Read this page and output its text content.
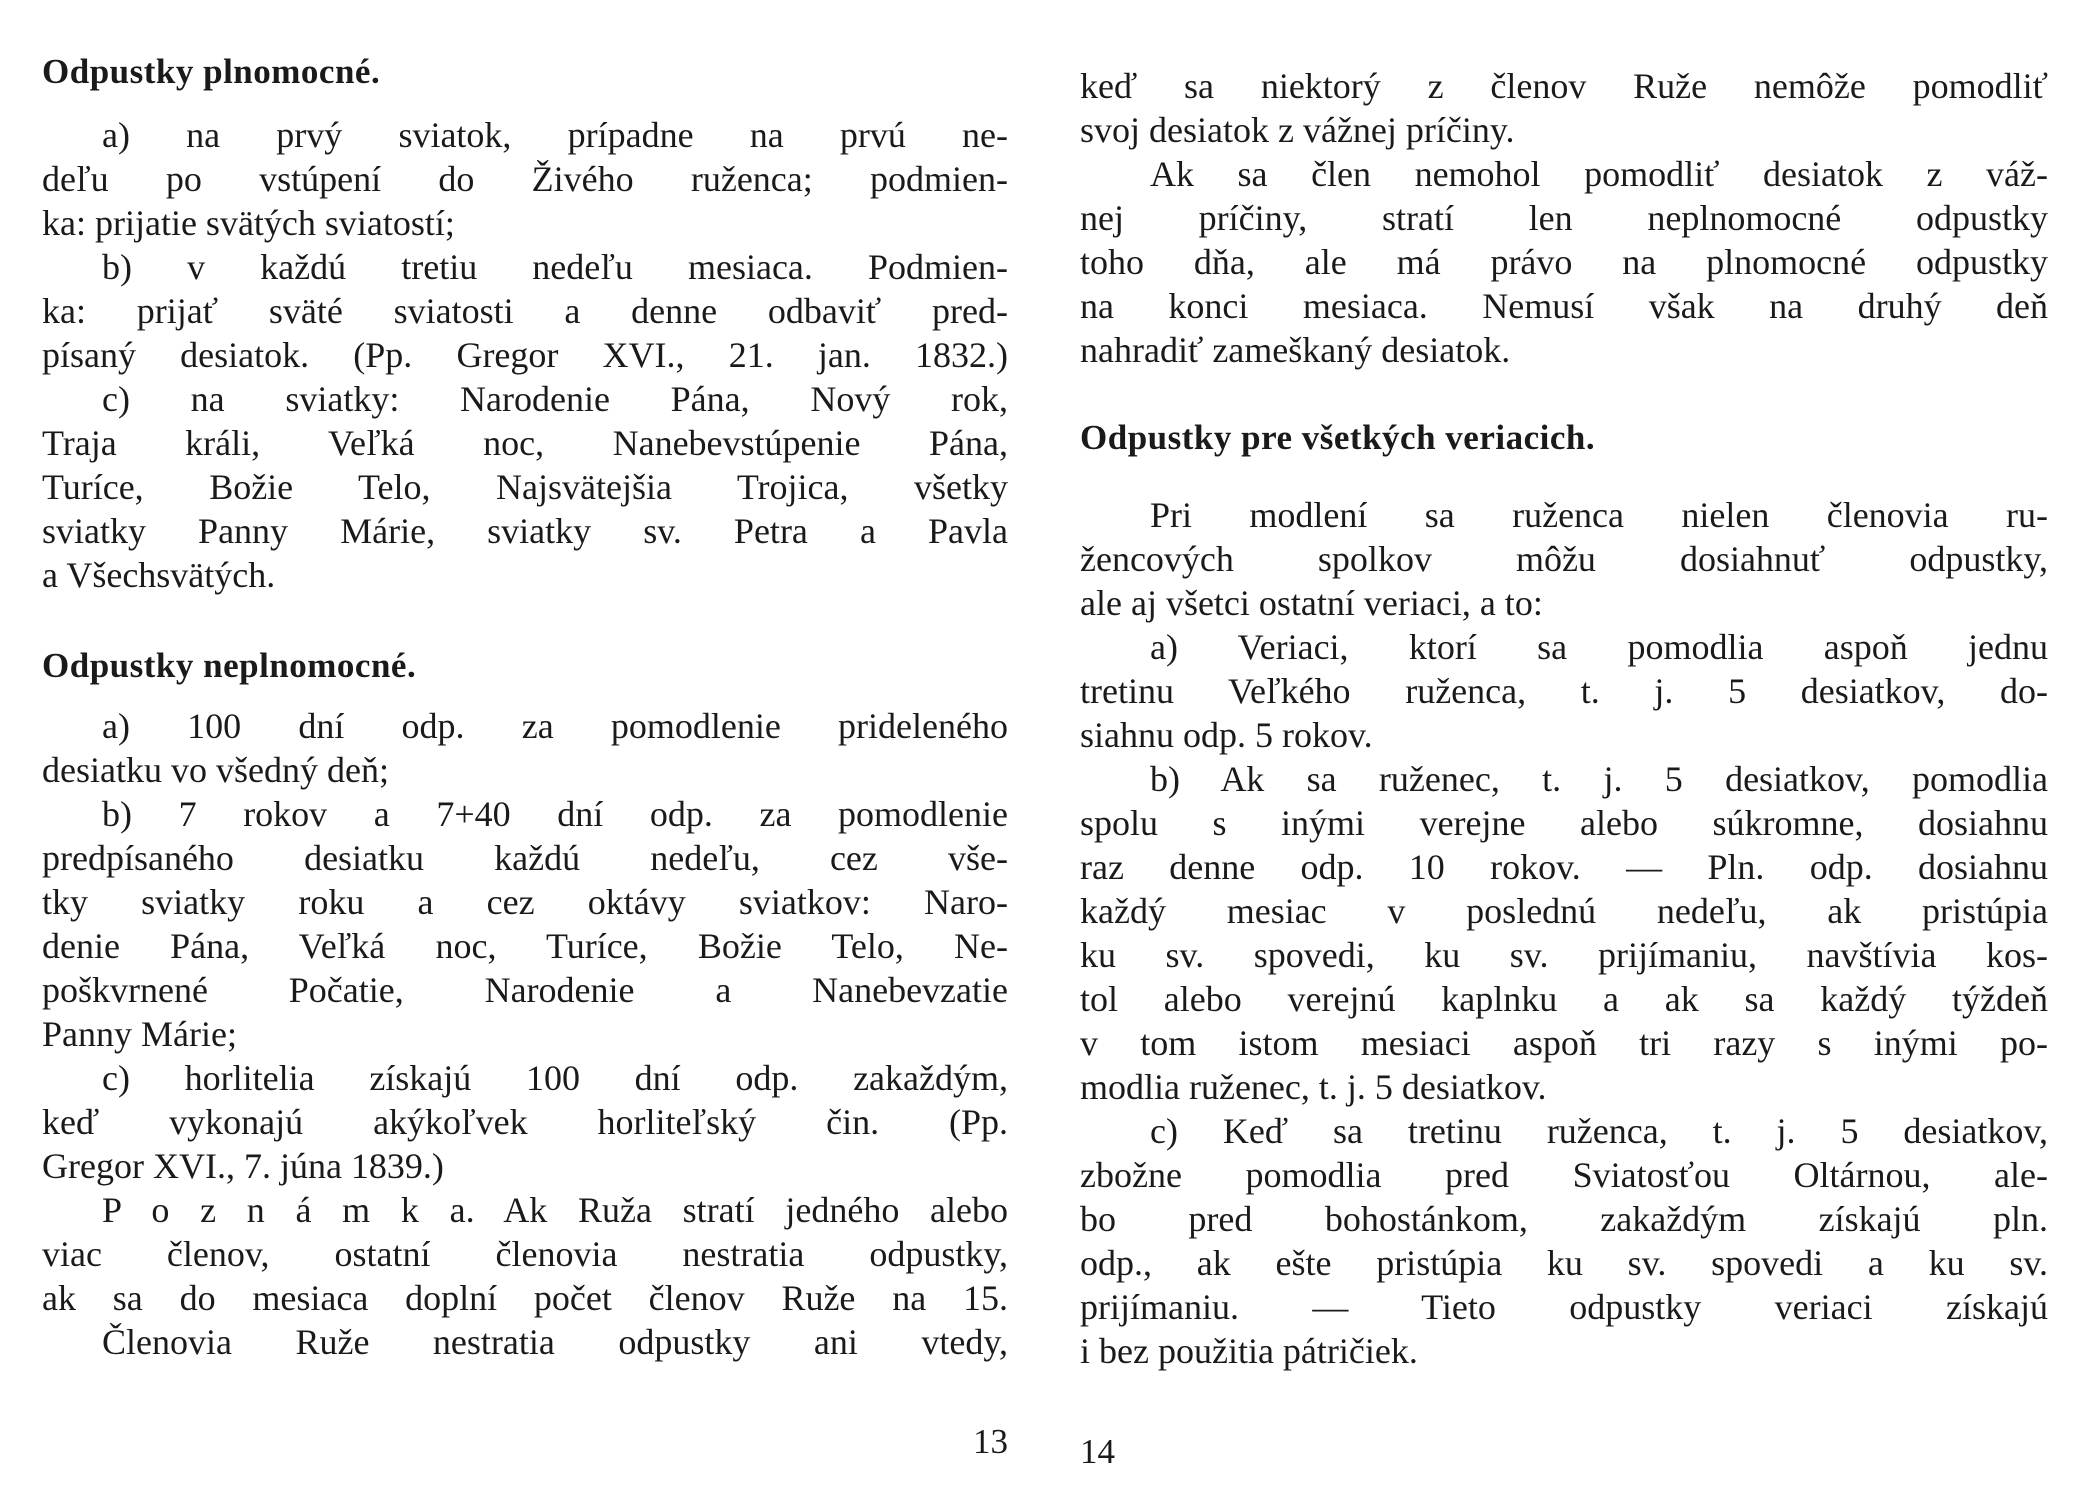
Odpustky plnomocné.
a) na prvý sviatok, prípadne na prvú ne-
deľu po vstúpení do Živého ruženca; podmien-
ka: prijatie svätých sviatostí;
b) v každú tretiu nedeľu mesiaca. Podmien-
ka: prijať sväté sviatosti a denne odbaviť pred-
písaný desiatok. (Pp. Gregor XVI., 21. jan. 1832.)
c) na sviatky: Narodenie Pána, Nový rok,
Traja králi, Veľká noc, Nanebevstúpenie Pána,
Turíce, Božie Telo, Najsvätejšia Trojica, všetky
sviatky Panny Márie, sviatky sv. Petra a Pavla
a Všechsvätých.
Odpustky neplnomocné.
a) 100 dní odp. za pomodlenie prideleného
desiatku vo všedný deň;
b) 7 rokov a 7+40 dní odp. za pomodlenie
predpísaného desiatku každú nedeľu, cez vše-
tky sviatky roku a cez oktávy sviatkov: Naro-
denie Pána, Veľká noc, Turíce, Božie Telo, Ne-
poškvrnené Počatie, Narodenie a Nanebevzatie
Panny Márie;
c) horlitelia získajú 100 dní odp. zakaždým,
keď vykonajú akýkoľvek horliteľský čin. (Pp.
Gregor XVI., 7. júna 1839.)
P o z n á m k a. Ak Ruža stratí jedného alebo
viac členov, ostatní členovia nestratia odpustky,
ak sa do mesiaca doplní počet členov Ruže na 15.
Členovia Ruže nestratia odpustky ani vtedy,
13
keď sa niektorý z členov Ruže nemôže pomodliť
svoj desiatok z vážnej príčiny.
Ak sa člen nemohol pomodliť desiatok z váž-
nej príčiny, stratí len neplnomocné odpustky
toho dňa, ale má právo na plnomocné odpustky
na konci mesiaca. Nemusí však na druhý deň
nahradiť zameškaný desiatok.
Odpustky pre všetkých veriacich.
Pri modlení sa ruženca nielen členovia ru-
žencových spolkov môžu dosiahnuť odpustky,
ale aj všetci ostatní veriaci, a to:
a) Veriaci, ktorí sa pomodlia aspoň jednu
tretinu Veľkého ruženca, t. j. 5 desiatkov, do-
siahnu odp. 5 rokov.
b) Ak sa ruženec, t. j. 5 desiatkov, pomodlia
spolu s inými verejne alebo súkromne, dosiahnu
raz denne odp. 10 rokov. — Pln. odp. dosiahnu
každý mesiac v poslednú nedeľu, ak pristúpia
ku sv. spovedi, ku sv. prijímaniu, navštívia kos-
tol alebo verejnú kaplnku a ak sa každý týždeň
v tom istom mesiaci aspoň tri razy s inými po-
modlia ruženec, t. j. 5 desiatkov.
c) Keď sa tretinu ruženca, t. j. 5 desiatkov,
zbožne pomodlia pred Sviatosťou Oltárnou, ale-
bo pred bohostánkom, zakaždým získajú pln.
odp., ak ešte pristúpia ku sv. spovedi a ku sv.
prijímaniu. — Tieto odpustky veriaci získajú
i bez použitia pátričiek.
14
